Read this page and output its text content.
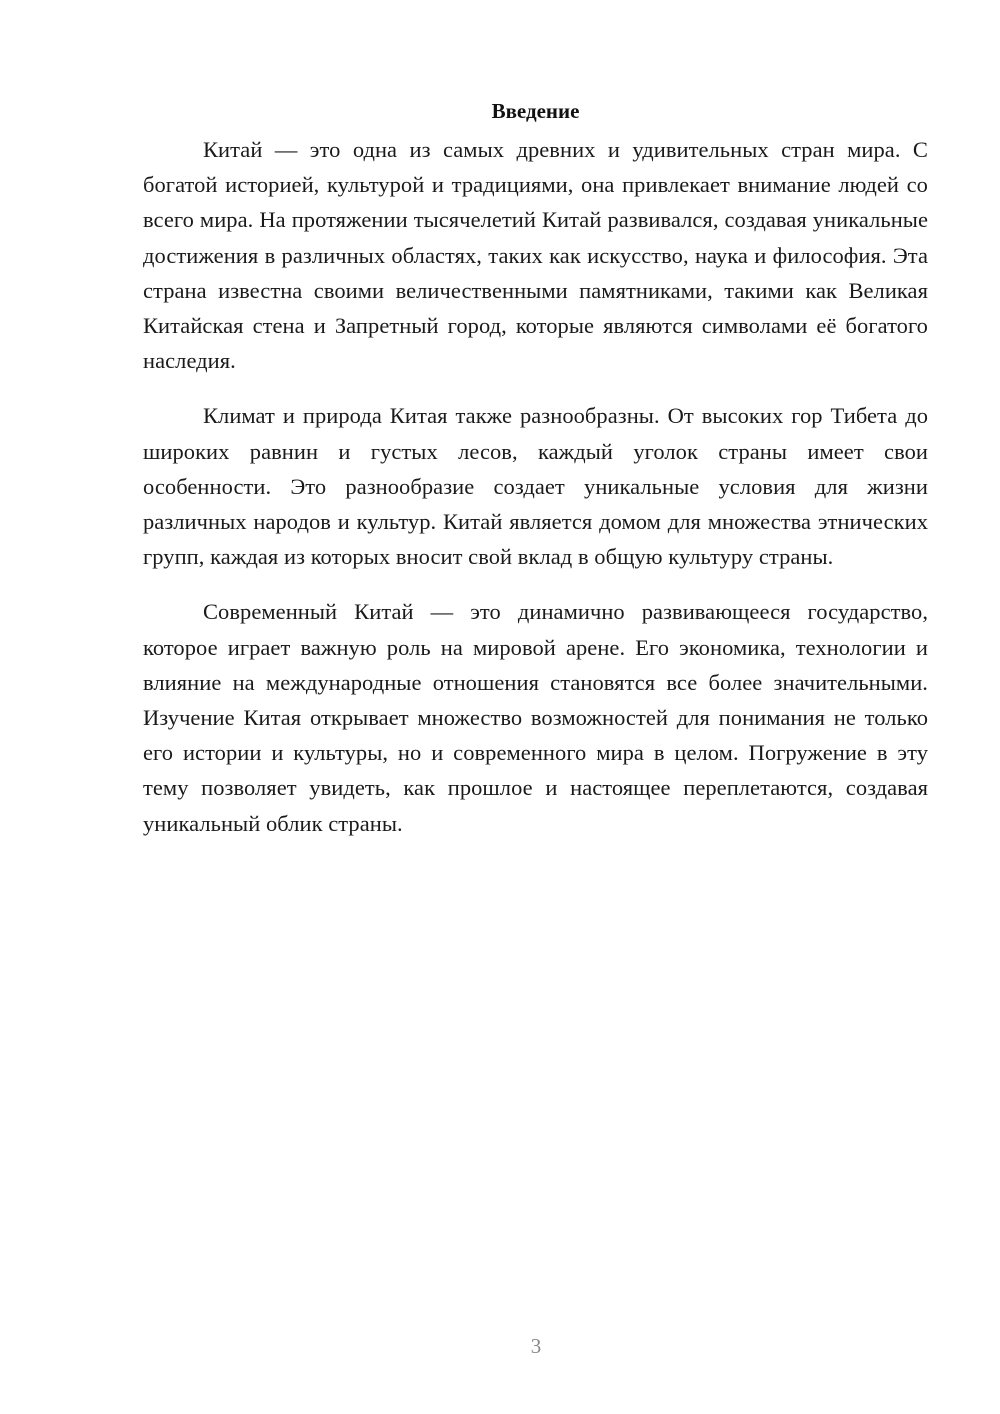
Введение

Китай — это одна из самых древних и удивительных стран мира. С богатой историей, культурой и традициями, она привлекает внимание людей со всего мира. На протяжении тысячелетий Китай развивался, создавая уникальные достижения в различных областях, таких как искусство, наука и философия. Эта страна известна своими величественными памятниками, такими как Великая Китайская стена и Запретный город, которые являются символами её богатого наследия.

Климат и природа Китая также разнообразны. От высоких гор Тибета до широких равнин и густых лесов, каждый уголок страны имеет свои особенности. Это разнообразие создает уникальные условия для жизни различных народов и культур. Китай является домом для множества этнических групп, каждая из которых вносит свой вклад в общую культуру страны.

Современный Китай — это динамично развивающееся государство, которое играет важную роль на мировой арене. Его экономика, технологии и влияние на международные отношения становятся все более значительными. Изучение Китая открывает множество возможностей для понимания не только его истории и культуры, но и современного мира в целом. Погружение в эту тему позволяет увидеть, как прошлое и настоящее переплетаются, создавая уникальный облик страны.

3
